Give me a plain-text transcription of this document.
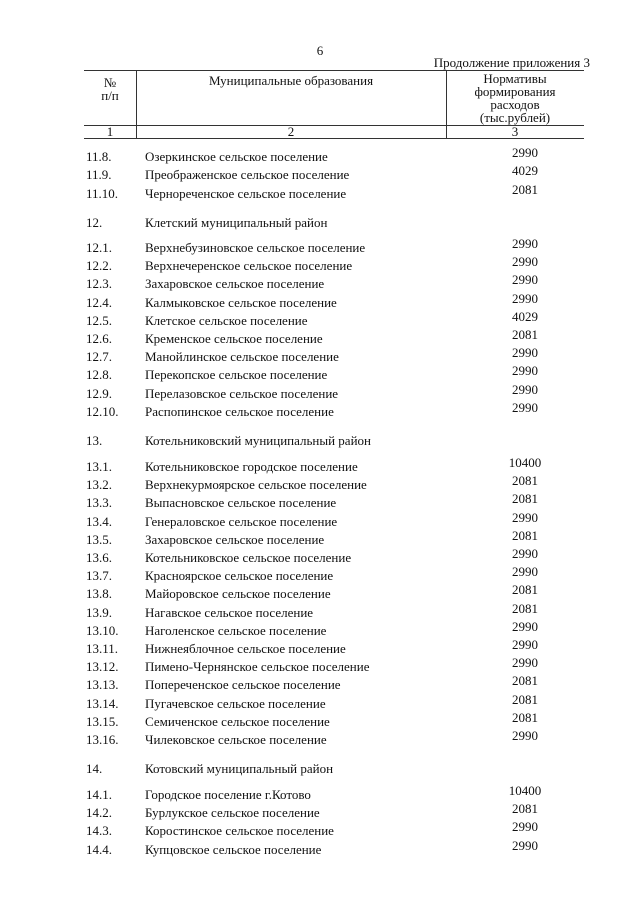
6
Продолжение приложения 3
№
п/п
Муниципальные образования	Нормативы
формирования
расходов
(тыс.рублей)
1	2	3
11.8.	Озеркинское сельское поселение	2990
11.9.	Преображенское сельское поселение	4029
11.10. Чернореченское сельское поселение	2081
12.	Клетский муниципальный район
12.1.	Верхнебузиновское сельское поселение	2990
12.2.	Верхнечеренское сельское поселение	2990
12.3.	Захаровское сельское поселение	2990
12.4.	Калмыковское сельское поселение	2990
12.5.	Клетское сельское поселение	4029
12.6.	Кременское сельское поселение	2081
12.7.	Манойлинское сельское поселение	2990
12.8.	Перекопское сельское поселение	2990
12.9.	Перелазовское сельское поселение	2990
12.10. Распопинское сельское поселение	2990
13.	Котельниковский муниципальный район
13.1.	Котельниковское городское поселение	10400
13.2.	Верхнекурмоярское сельское поселение	2081
13.3.	Выпасновское сельское поселение	2081
13.4.	Генераловское сельское поселение	2990
13.5.	Захаровское сельское поселение	2081
13.6.	Котельниковское сельское поселение	2990
13.7.	Красноярское сельское поселение	2990
13.8.	Майоровское сельское поселение	2081
13.9.	Нагавское сельское поселение	2081
13.10. Наголенское сельское поселение	2990
13.11. Нижнеяблочное сельское поселение	2990
13.12. Пимено-Чернянское сельское поселение	2990
13.13. Попереченское сельское поселение	2081
13.14. Пугачевское сельское поселение	2081
13.15. Семиченское сельское поселение	2081
13.16. Чилековское сельское поселение	2990
14.	Котовский муниципальный район
14.1.	Городское поселение г.Котово	10400
14.2.	Бурлукское сельское поселение	2081
14.3.	Коростинское сельское поселение	2990
14.4.	Купцовское сельское поселение	2990
